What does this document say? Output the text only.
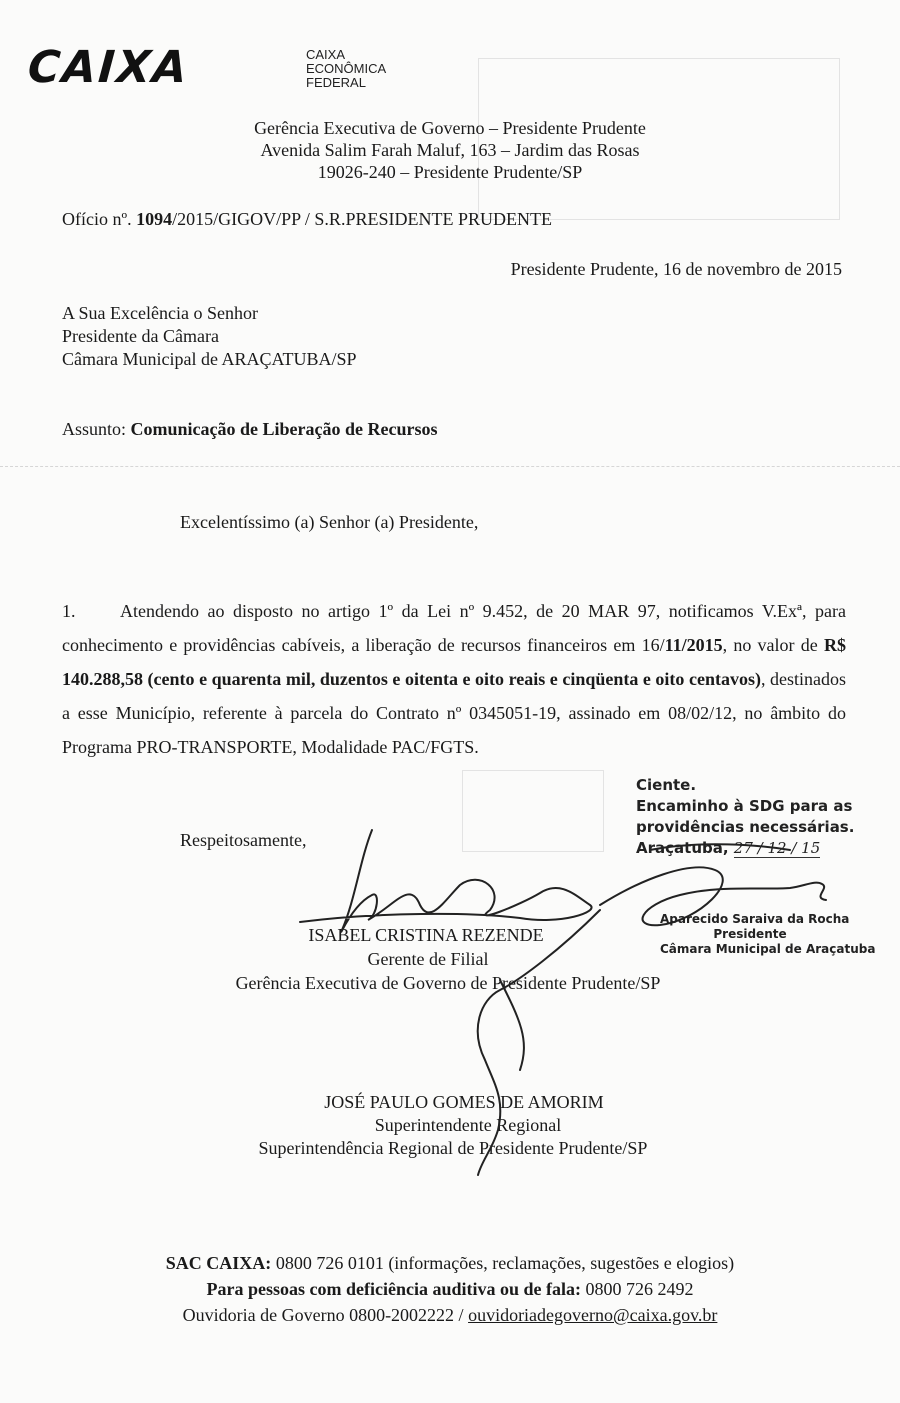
CAIXA	CAIXA
ECONÔMICA
FEDERAL
Gerência Executiva de Governo – Presidente Prudente
Avenida Salim Farah Maluf, 163 – Jardim das Rosas
19026-240 – Presidente Prudente/SP
Ofício nº. 1094/2015/GIGOV/PP / S.R.PRESIDENTE PRUDENTE
Presidente Prudente, 16 de novembro de 2015
A Sua Excelência o Senhor
Presidente da Câmara
Câmara Municipal de ARAÇATUBA/SP
Assunto: Comunicação de Liberação de Recursos
Excelentíssimo (a) Senhor (a) Presidente,
1. Atendendo ao disposto no artigo 1º da Lei nº 9.452, de 20 MAR 97, notificamos V.Exª, para conhecimento e providências cabíveis, a liberação de recursos financeiros em 16/11/2015, no valor de R$ 140.288,58 (cento e quarenta mil, duzentos e oitenta e oito reais e cinqüenta e oito centavos), destinados a esse Município, referente à parcela do Contrato nº 0345051-19, assinado em 08/02/12, no âmbito do Programa PRO-TRANSPORTE, Modalidade PAC/FGTS.
Respeitosamente,
Ciente.
Encaminho à SDG para as
providências necessárias.
Araçatuba, 27 / 12 / 15
Aparecido Saraiva da Rocha
Presidente
Câmara Municipal de Araçatuba
ISABEL CRISTINA REZENDE
Gerente de Filial
Gerência Executiva de Governo de Presidente Prudente/SP
JOSÉ PAULO GOMES DE AMORIM
Superintendente Regional
Superintendência Regional de Presidente Prudente/SP
SAC CAIXA: 0800 726 0101 (informações, reclamações, sugestões e elogios)
Para pessoas com deficiência auditiva ou de fala: 0800 726 2492
Ouvidoria de Governo 0800-2002222 / ouvidoriadegoverno@caixa.gov.br
